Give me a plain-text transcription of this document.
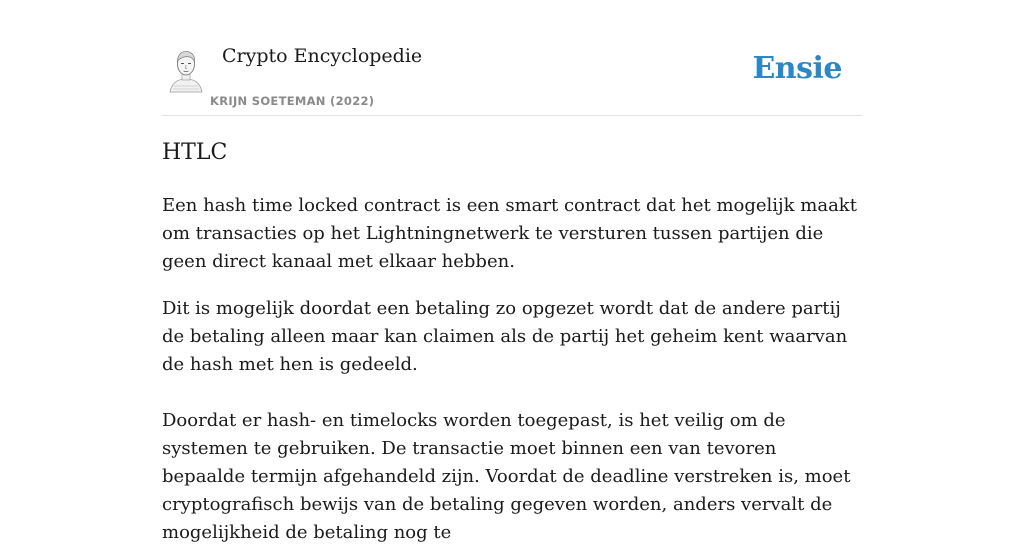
Crypto Encyclopedie
KRIJN SOETEMAN (2022)
Ensie
HTLC

Een hash time locked contract is een smart contract dat het mogelijk maakt om transacties op het Lightningnetwerk te versturen tussen partijen die geen direct kanaal met elkaar hebben.

Dit is mogelijk doordat een betaling zo opgezet wordt dat de andere partij de betaling alleen maar kan claimen als de partij het geheim kent waarvan de hash met hen is gedeeld.

Doordat er hash- en timelocks worden toegepast, is het veilig om de systemen te gebruiken. De transactie moet binnen een van tevoren bepaalde termijn afgehandeld zijn. Voordat de deadline verstreken is, moet cryptografisch bewijs van de betaling gegeven worden, anders vervalt de mogelijkheid de betaling nog te
